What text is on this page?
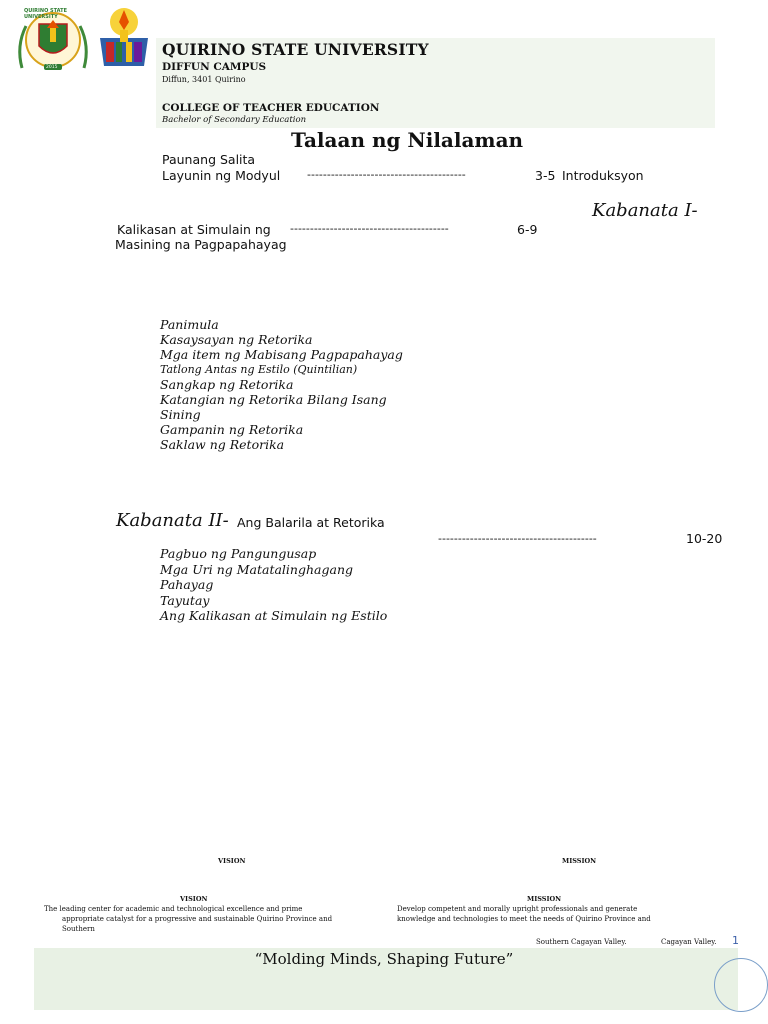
QUIRINO STATE UNIVERSITY
2015
QUIRINO STATE UNIVERSITY
DIFFUN CAMPUS
Diffun, 3401 Quirino
COLLEGE OF TEACHER EDUCATION
Bachelor of Secondary Education
Talaan ng Nilalaman
Paunang Salita
Layunin ng Modyul ----------------------------------------	3-5 Introduksyon
Kabanata I-
Kalikasan at Simulain ng ----------------------------------------	6-9
Masining na Pagpapahayag
Panimula
Kasaysayan ng Retorika
Mga item ng Mabisang Pagpapahayag
Tatlong Antas ng Estilo (Quintilian)
Sangkap ng Retorika
Katangian ng Retorika Bilang Isang
Sining
Gampanin ng Retorika
Saklaw ng Retorika
Kabanata II- Ang Balarila at Retorika
----------------------------------------	10-20
Pagbuo ng Pangungusap
Mga Uri ng Matatalinghagang
Pahayag
Tayutay
Ang Kalikasan at Simulain ng Estilo
VISION	MISSION
VISION	MISSION
The leading center for academic and technological excellence and prime
appropriate catalyst for a progressive and sustainable Quirino Province and
Southern
Develop competent and morally upright professionals and generate
knowledge and technologies to meet the needs of Quirino Province and
Southern Cagayan Valley.	Cagayan Valley. 1
“Molding Minds, Shaping Future”
